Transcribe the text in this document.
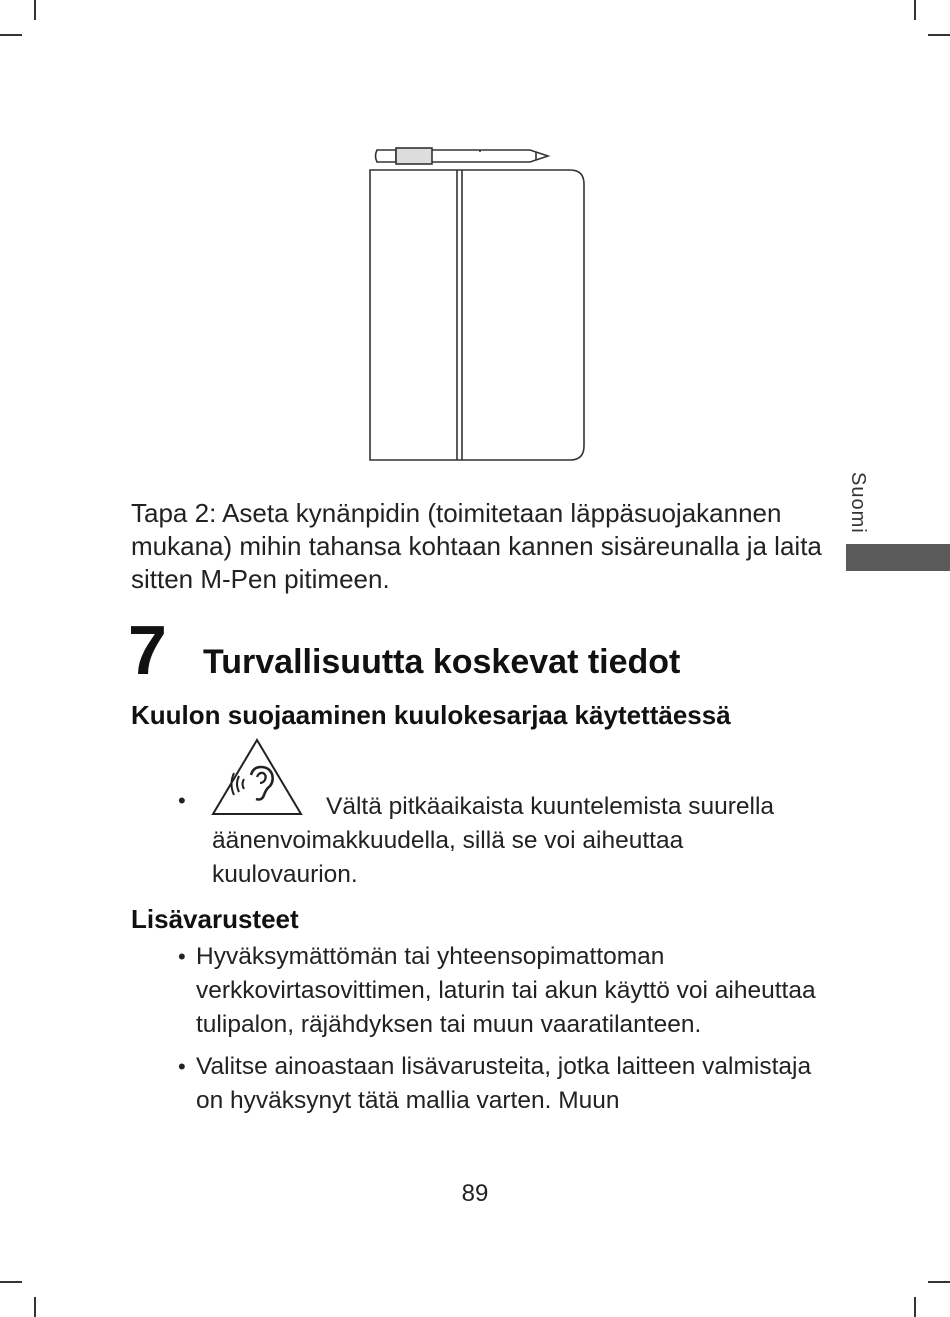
Suomi
Tapa 2: Aseta kynänpidin (toimitetaan läppäsuojakannen mukana) mihin tahansa kohtaan kannen sisäreunalla ja laita sitten M-Pen pitimeen.
7 Turvallisuutta koskevat tiedot
Kuulon suojaaminen kuulokesarjaa käytettäessä
•	Vältä pitkäaikaista kuuntelemista suurella äänenvoimakkuudella, sillä se voi aiheuttaa kuulovaurion.
Lisävarusteet
• Hyväksymättömän tai yhteensopimattoman verkkovirtasovittimen, laturin tai akun käyttö voi aiheuttaa tulipalon, räjähdyksen tai muun vaaratilanteen.
• Valitse ainoastaan lisävarusteita, jotka laitteen valmistaja on hyväksynyt tätä mallia varten. Muun
89
